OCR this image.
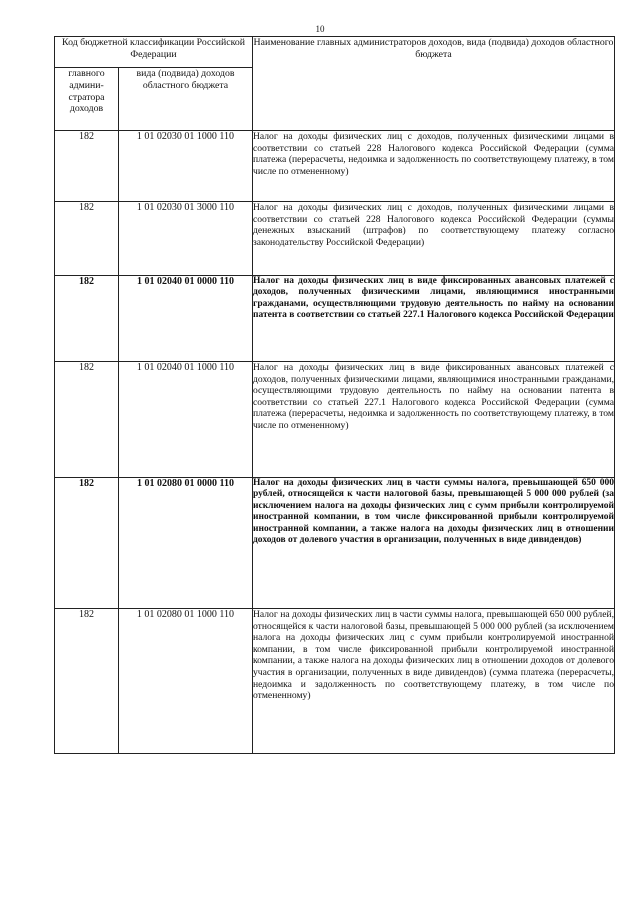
10
Код бюджетной классификации Российской Федерации		Наименование главных администраторов доходов, вида (подвида) доходов областного бюджета
главного админи-стратора доходов	вида (подвида) доходов областного бюджета	
182	1 01 02030 01 1000 110	Налог на доходы физических лиц с доходов, полученных физическими лицами в соответствии со статьей 228 Налогового кодекса Российской Федерации (сумма платежа (перерасчеты, недоимка и задолженность по соответствующему платежу, в том числе по отмененному)
182	1 01 02030 01 3000 110	Налог на доходы физических лиц с доходов, полученных физическими лицами в соответствии со статьей 228 Налогового кодекса Российской Федерации (суммы денежных взысканий (штрафов) по соответствующему платежу согласно законодательству Российской Федерации)
182	1 01 02040 01 0000 110	Налог на доходы физических лиц в виде фиксированных авансовых платежей с доходов, полученных физическими лицами, являющимися иностранными гражданами, осуществляющими трудовую деятельность по найму на основании патента в соответствии со статьей 227.1 Налогового кодекса Российской Федерации
182	1 01 02040 01 1000 110	Налог на доходы физических лиц в виде фиксированных авансовых платежей с доходов, полученных физическими лицами, являющимися иностранными гражданами, осуществляющими трудовую деятельность по найму на основании патента в соответствии со статьей 227.1 Налогового кодекса Российской Федерации (сумма платежа (перерасчеты, недоимка и задолженность по соответствующему платежу, в том числе по отмененному)
182	1 01 02080 01 0000 110	Налог на доходы физических лиц в части суммы налога, превышающей 650 000 рублей, относящейся к части налоговой базы, превышающей 5 000 000 рублей (за исключением налога на доходы физических лиц с сумм прибыли контролируемой иностранной компании, в том числе фиксированной прибыли контролируемой иностранной компании, а также налога на доходы физических лиц в отношении доходов от долевого участия в организации, полученных в виде дивидендов)
182	1 01 02080 01 1000 110	Налог на доходы физических лиц в части суммы налога, превышающей 650 000 рублей, относящейся к части налоговой базы, превышающей 5 000 000 рублей (за исключением налога на доходы физических лиц с сумм прибыли контролируемой иностранной компании, в том числе фиксированной прибыли контролируемой иностранной компании, а также налога на доходы физических лиц в отношении доходов от долевого участия в организации, полученных в виде дивидендов) (сумма платежа (перерасчеты, недоимка и задолженность по соответствующему платежу, в том числе по отмененному)
